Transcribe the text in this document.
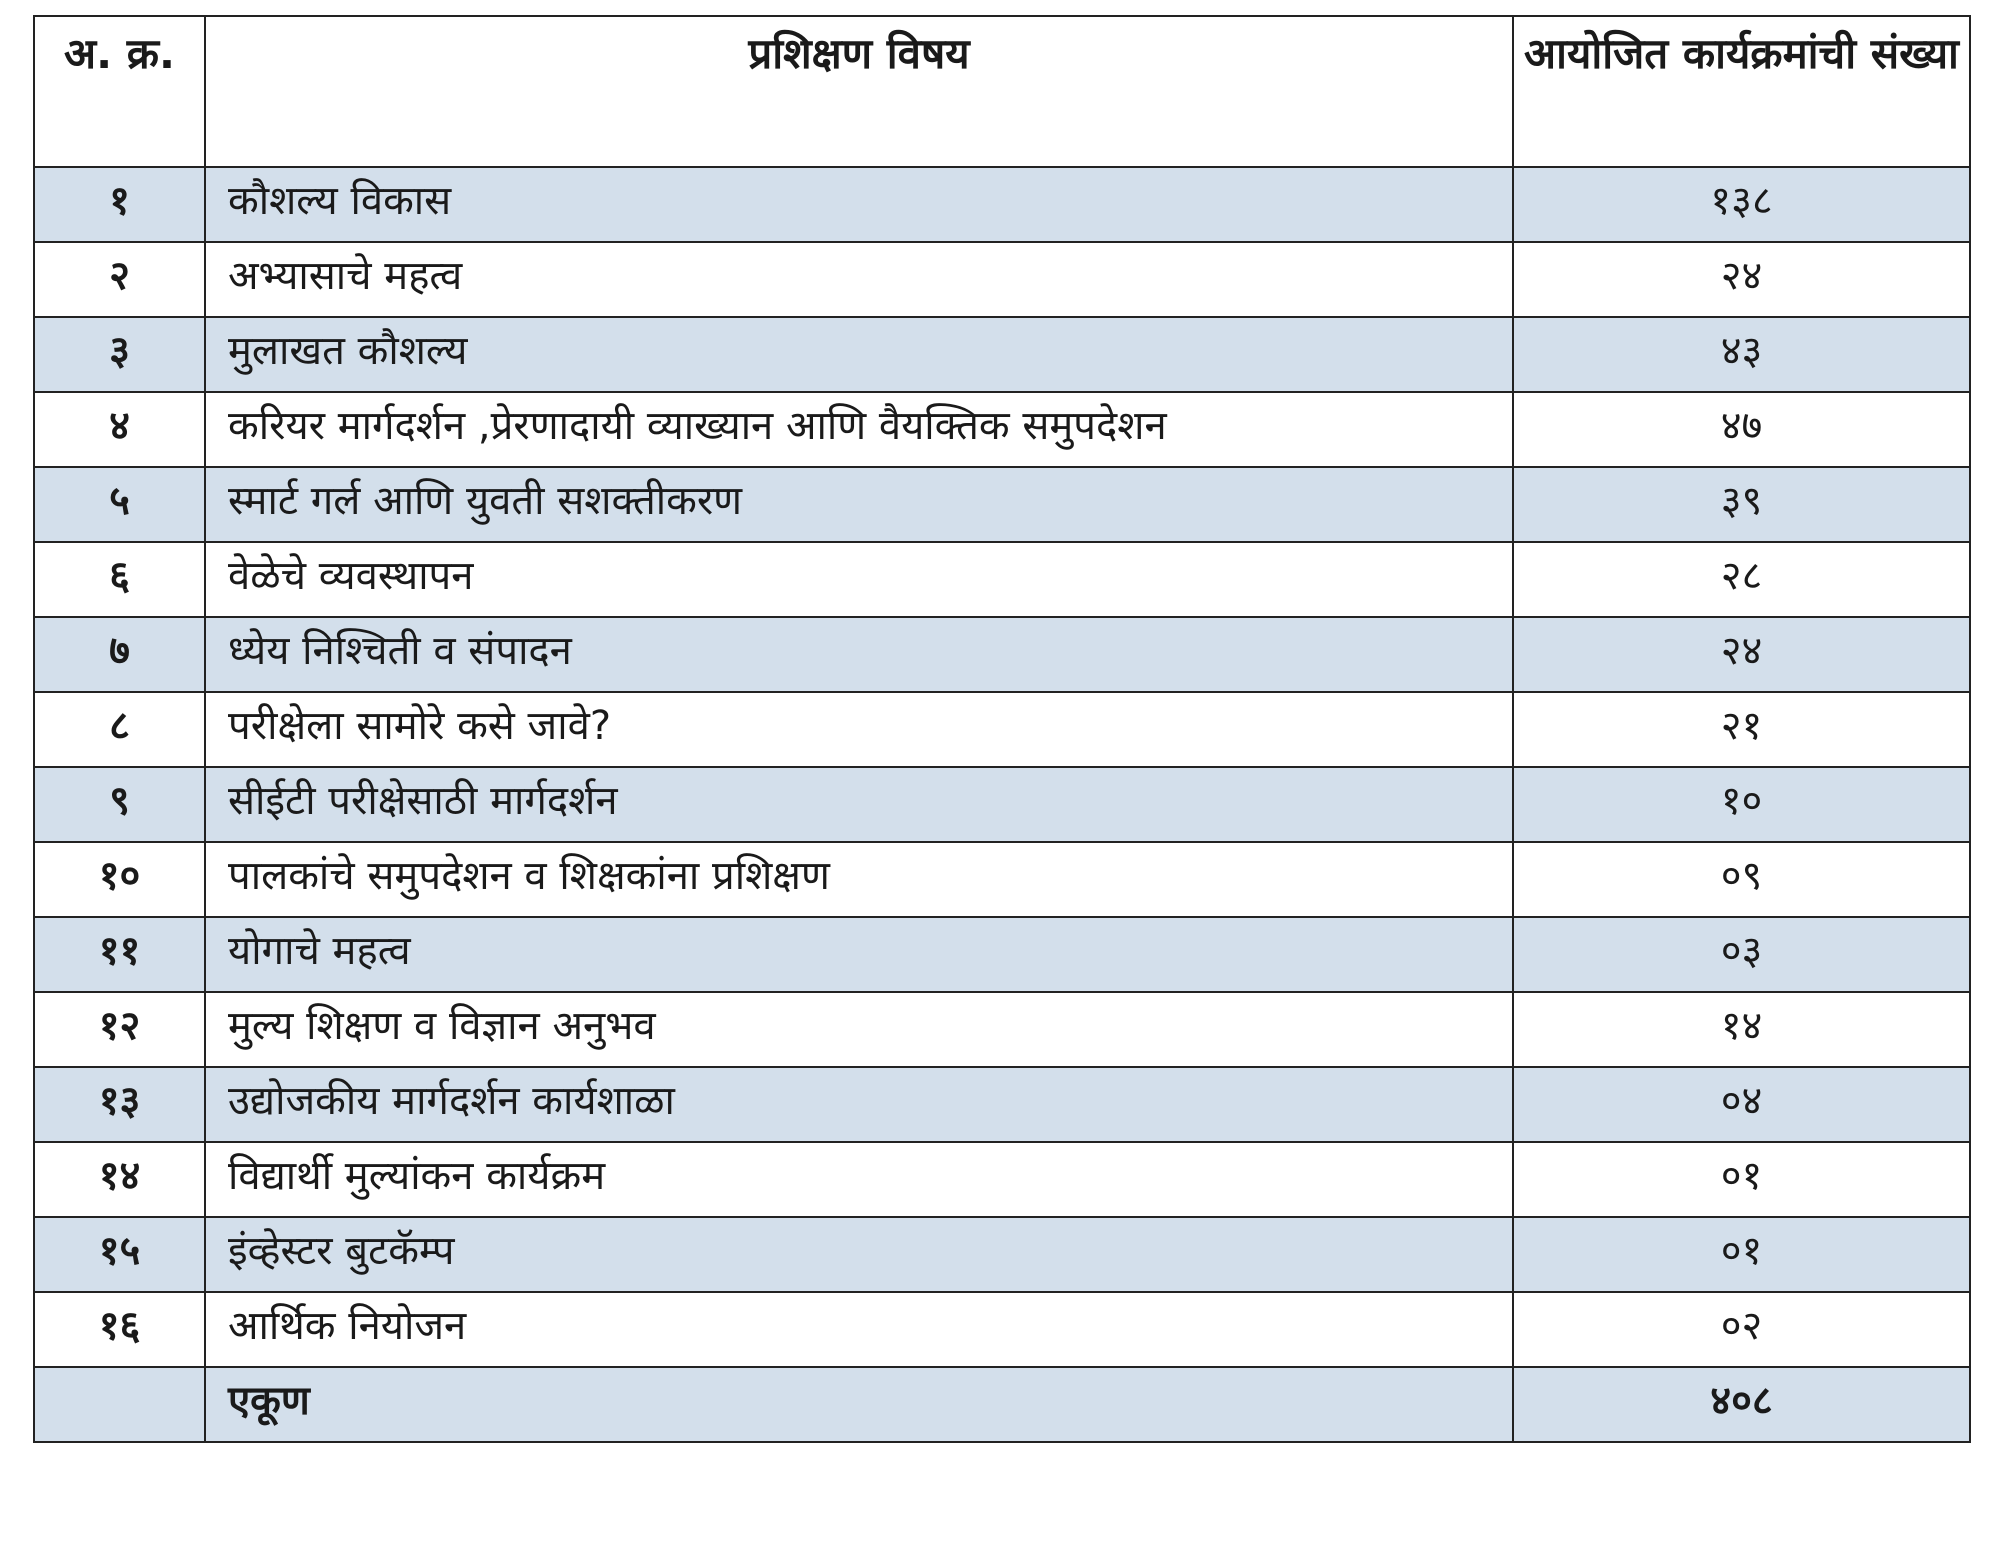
अ. क्र.	प्रशिक्षण विषय	आयोजित कार्यक्रमांची संख्या
१	कौशल्य विकास	१३८
२	अभ्यासाचे महत्व	२४
३	मुलाखत कौशल्य	४३
४	करियर मार्गदर्शन ,प्रेरणादायी व्याख्यान आणि वैयक्तिक समुपदेशन	४७
५	स्मार्ट गर्ल आणि युवती सशक्तीकरण	३९
६	वेळेचे व्यवस्थापन	२८
७	ध्येय निश्चिती व संपादन	२४
८	परीक्षेला सामोरे कसे जावे?	२१
९	सीईटी परीक्षेसाठी मार्गदर्शन	१०
१०	पालकांचे समुपदेशन व शिक्षकांना प्रशिक्षण	०९
११	योगाचे महत्व	०३
१२	मुल्य शिक्षण व विज्ञान अनुभव	१४
१३	उद्योजकीय मार्गदर्शन कार्यशाळा	०४
१४	विद्यार्थी मुल्यांकन कार्यक्रम	०१
१५	इंव्हेस्टर बुटकॅम्प	०१
१६	आर्थिक नियोजन	०२
	एकूण	४०८
